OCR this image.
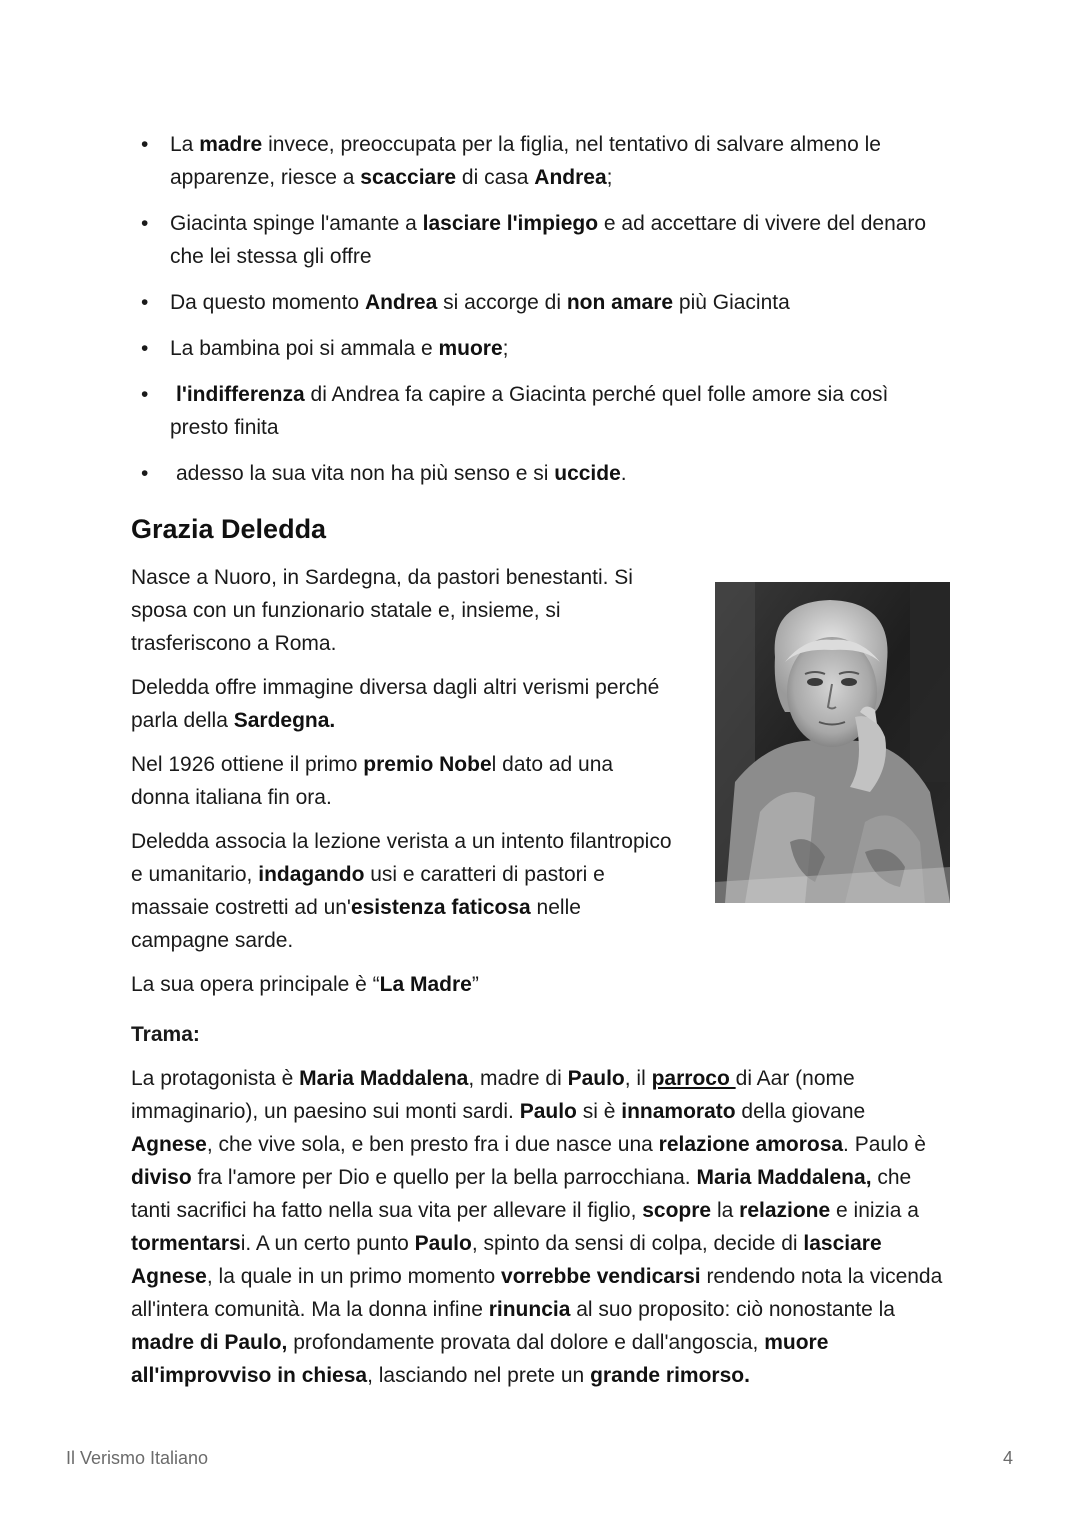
• La madre invece, preoccupata per la figlia, nel tentativo di salvare almeno le apparenze, riesce a scacciare di casa Andrea;
• Giacinta spinge l'amante a lasciare l'impiego e ad accettare di vivere del denaro che lei stessa gli offre
• Da questo momento Andrea si accorge di non amare più Giacinta
• La bambina poi si ammala e muore;
• l'indifferenza di Andrea fa capire a Giacinta perché quel folle amore sia così presto finita
• adesso la sua vita non ha più senso e si uccide.
Grazia Deledda

Nasce a Nuoro, in Sardegna, da pastori benestanti. Si sposa con un funzionario statale e, insieme, si trasferiscono a Roma.

Deledda offre immagine diversa dagli altri verismi perché parla della Sardegna.

Nel 1926 ottiene il primo premio Nobel dato ad una donna italiana fin ora.

Deledda associa la lezione verista a un intento filantropico e umanitario, indagando usi e caratteri di pastori e massaie costretti ad un'esistenza faticosa nelle campagne sarde.

La sua opera principale è “La Madre”

Trama:

La protagonista è Maria Maddalena, madre di Paulo, il parroco di Aar (nome immaginario), un paesino sui monti sardi. Paulo si è innamorato della giovane Agnese, che vive sola, e ben presto fra i due nasce una relazione amorosa. Paulo è diviso fra l'amore per Dio e quello per la bella parrocchiana. Maria Maddalena, che tanti sacrifici ha fatto nella sua vita per allevare il figlio, scopre la relazione e inizia a tormentarsi. A un certo punto Paulo, spinto da sensi di colpa, decide di lasciare Agnese, la quale in un primo momento vorrebbe vendicarsi rendendo nota la vicenda all'intera comunità. Ma la donna infine rinuncia al suo proposito: ciò nonostante la madre di Paulo, profondamente provata dal dolore e dall'angoscia, muore all'improvviso in chiesa, lasciando nel prete un grande rimorso.

Il Verismo Italiano	4
